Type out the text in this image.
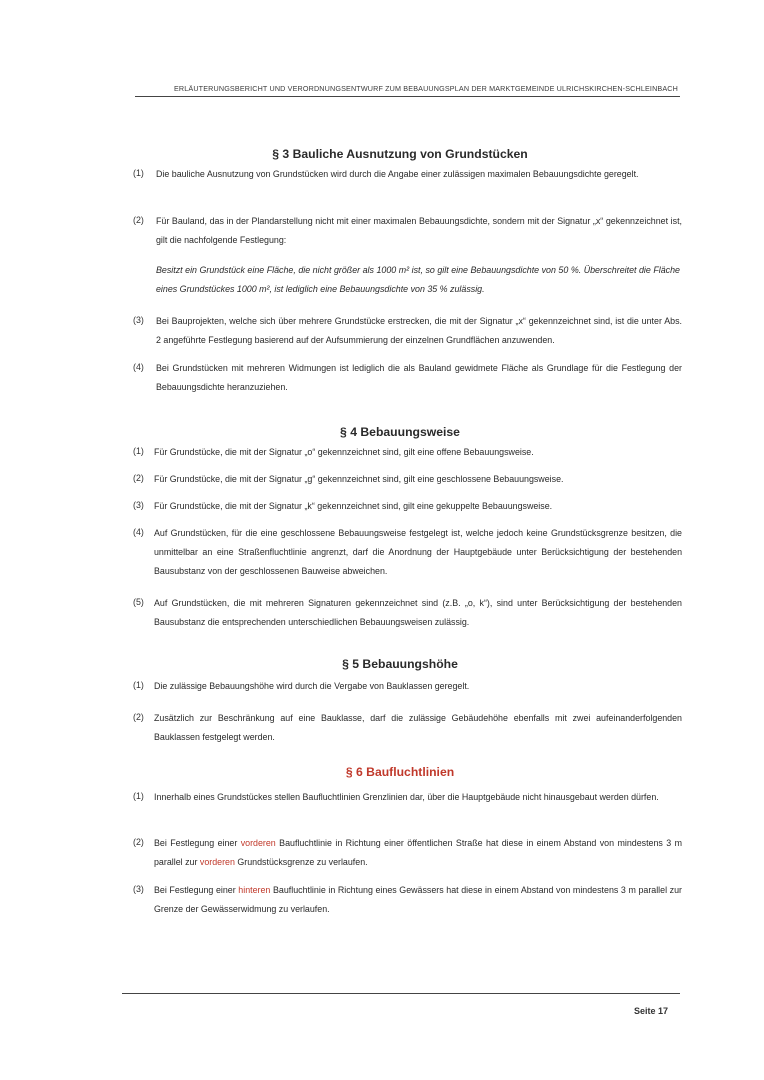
ERLÄUTERUNGSBERICHT UND VERORDNUNGSENTWURF ZUM BEBAUUNGSPLAN DER MARKTGEMEINDE ULRICHSKIRCHEN-SCHLEINBACH
§ 3 Bauliche Ausnutzung von Grundstücken
(1) Die bauliche Ausnutzung von Grundstücken wird durch die Angabe einer zulässigen maximalen Bebauungsdichte geregelt.
(2) Für Bauland, das in der Plandarstellung nicht mit einer maximalen Bebauungsdichte, sondern mit der Signatur „x“ gekennzeichnet ist, gilt die nachfolgende Festlegung:
Besitzt ein Grundstück eine Fläche, die nicht größer als 1000 m² ist, so gilt eine Bebauungsdichte von 50 %. Überschreitet die Fläche eines Grundstückes 1000 m², ist lediglich eine Bebauungsdichte von 35 % zulässig.
(3) Bei Bauprojekten, welche sich über mehrere Grundstücke erstrecken, die mit der Signatur „x“ gekennzeichnet sind, ist die unter Abs. 2 angeführte Festlegung basierend auf der Aufsummierung der einzelnen Grundflächen anzuwenden.
(4) Bei Grundstücken mit mehreren Widmungen ist lediglich die als Bauland gewidmete Fläche als Grundlage für die Festlegung der Bebauungsdichte heranzuziehen.
§ 4 Bebauungsweise
(1) Für Grundstücke, die mit der Signatur „o“ gekennzeichnet sind, gilt eine offene Bebauungsweise.
(2) Für Grundstücke, die mit der Signatur „g“ gekennzeichnet sind, gilt eine geschlossene Bebauungsweise.
(3) Für Grundstücke, die mit der Signatur „k“ gekennzeichnet sind, gilt eine gekuppelte Bebauungsweise.
(4) Auf Grundstücken, für die eine geschlossene Bebauungsweise festgelegt ist, welche jedoch keine Grundstücksgrenze besitzen, die unmittelbar an eine Straßenfluchtlinie angrenzt, darf die Anordnung der Hauptgebäude unter Berücksichtigung der bestehenden Bausubstanz von der geschlossenen Bauweise abweichen.
(5) Auf Grundstücken, die mit mehreren Signaturen gekennzeichnet sind (z.B. „o, k“), sind unter Berücksichtigung der bestehenden Bausubstanz die entsprechenden unterschiedlichen Bebauungsweisen zulässig.
§ 5 Bebauungshöhe
(1) Die zulässige Bebauungshöhe wird durch die Vergabe von Bauklassen geregelt.
(2) Zusätzlich zur Beschränkung auf eine Bauklasse, darf die zulässige Gebäudehöhe ebenfalls mit zwei aufeinanderfolgenden Bauklassen festgelegt werden.
§ 6 Baufluchtlinien
(1) Innerhalb eines Grundstückes stellen Baufluchtlinien Grenzlinien dar, über die Hauptgebäude nicht hinausgebaut werden dürfen.
(2) Bei Festlegung einer vorderen Baufluchtlinie in Richtung einer öffentlichen Straße hat diese in einem Abstand von mindestens 3 m parallel zur vorderen Grundstücksgrenze zu verlaufen.
(3) Bei Festlegung einer hinteren Baufluchtlinie in Richtung eines Gewässers hat diese in einem Abstand von mindestens 3 m parallel zur Grenze der Gewässerwidmung zu verlaufen.
Seite 17
